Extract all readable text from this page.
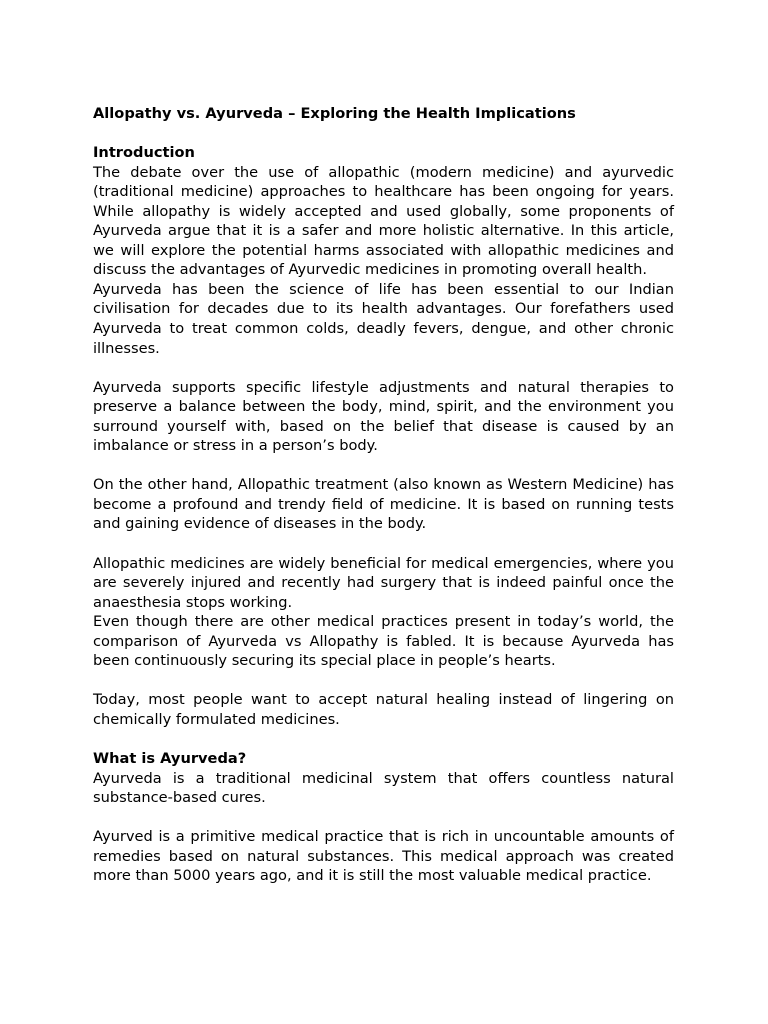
Allopathy vs. Ayurveda – Exploring the Health Implications

Introduction

The debate over the use of allopathic (modern medicine) and ayurvedic (traditional medicine) approaches to healthcare has been ongoing for years. While allopathy is widely accepted and used globally, some proponents of Ayurveda argue that it is a safer and more holistic alternative. In this article, we will explore the potential harms associated with allopathic medicines and discuss the advantages of Ayurvedic medicines in promoting overall health.

Ayurveda has been the science of life has been essential to our Indian civilisation for decades due to its health advantages. Our forefathers used Ayurveda to treat common colds, deadly fevers, dengue, and other chronic illnesses.

Ayurveda supports specific lifestyle adjustments and natural therapies to preserve a balance between the body, mind, spirit, and the environment you surround yourself with, based on the belief that disease is caused by an imbalance or stress in a person’s body.

On the other hand, Allopathic treatment (also known as Western Medicine) has become a profound and trendy field of medicine. It is based on running tests and gaining evidence of diseases in the body.

Allopathic medicines are widely beneficial for medical emergencies, where you are severely injured and recently had surgery that is indeed painful once the anaesthesia stops working.

Even though there are other medical practices present in today’s world, the comparison of Ayurveda vs Allopathy is fabled. It is because Ayurveda has been continuously securing its special place in people’s hearts.

Today, most people want to accept natural healing instead of lingering on chemically formulated medicines.

What is Ayurveda?

Ayurveda is a traditional medicinal system that offers countless natural substance-based cures.

Ayurved is a primitive medical practice that is rich in uncountable amounts of remedies based on natural substances. This medical approach was created more than 5000 years ago, and it is still the most valuable medical practice.
